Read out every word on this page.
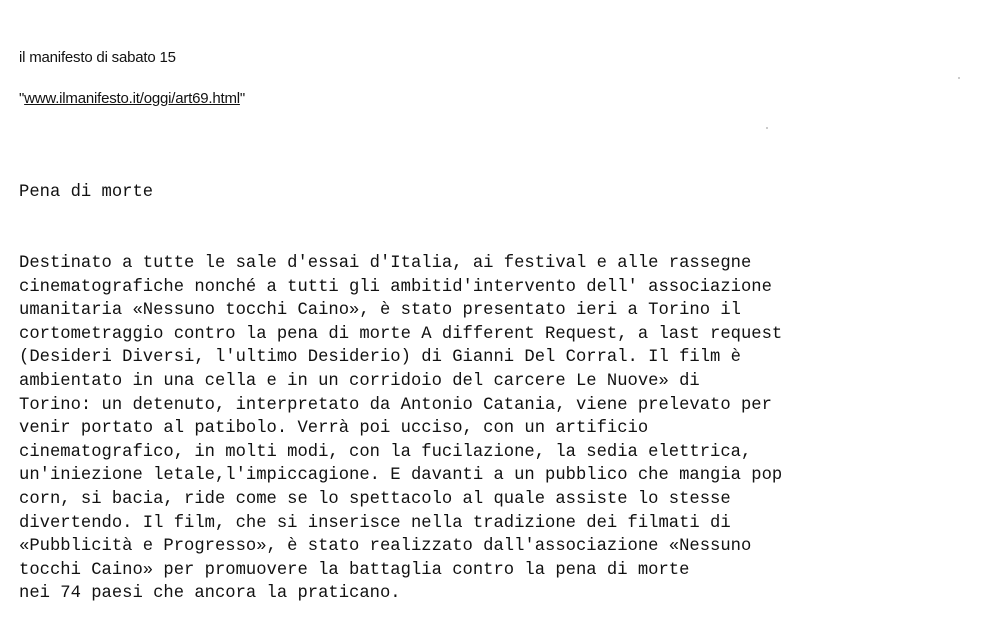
il manifesto di sabato 15
"www.ilmanifesto.it/oggi/art69.html"
Pena di morte
Destinato a tutte le sale d'essai d'Italia, ai festival e alle rassegne
cinematografiche nonché a tutti gli ambitid'intervento dell' associazione
umanitaria «Nessuno tocchi Caino», è stato presentato ieri a Torino il
cortometraggio contro la pena di morte A different Request, a last request
(Desideri Diversi, l'ultimo Desiderio) di Gianni Del Corral. Il film è
ambientato in una cella e in un corridoio del carcere Le Nuove» di
Torino: un detenuto, interpretato da Antonio Catania, viene prelevato per
venir portato al patibolo. Verrà poi ucciso, con un artificio
cinematografico, in molti modi, con la fucilazione, la sedia elettrica,
un'iniezione letale,l'impiccagione. E davanti a un pubblico che mangia pop
corn, si bacia, ride come se lo spettacolo al quale assiste lo stesse
divertendo. Il film, che si inserisce nella tradizione dei filmati di
«Pubblicità e Progresso», è stato realizzato dall'associazione «Nessuno
tocchi Caino» per promuovere la battaglia contro la pena di morte
nei 74 paesi che ancora la praticano.
